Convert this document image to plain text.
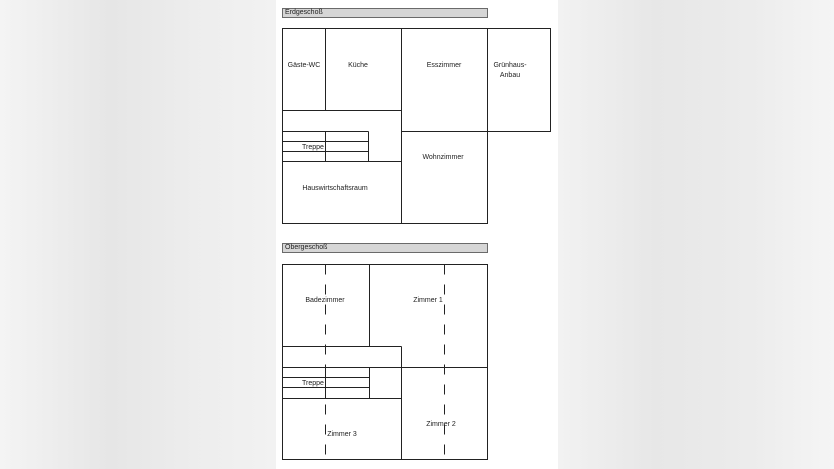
Erdgeschoß
Obergeschoß
Gäste-WC	Küche	Esszimmer	Grünhaus-
Anbau
Treppe
Wohnzimmer
Hauswirtschaftsraum
Badezimmer	Zimmer 1
Treppe
Zimmer 2
Zimmer 3
